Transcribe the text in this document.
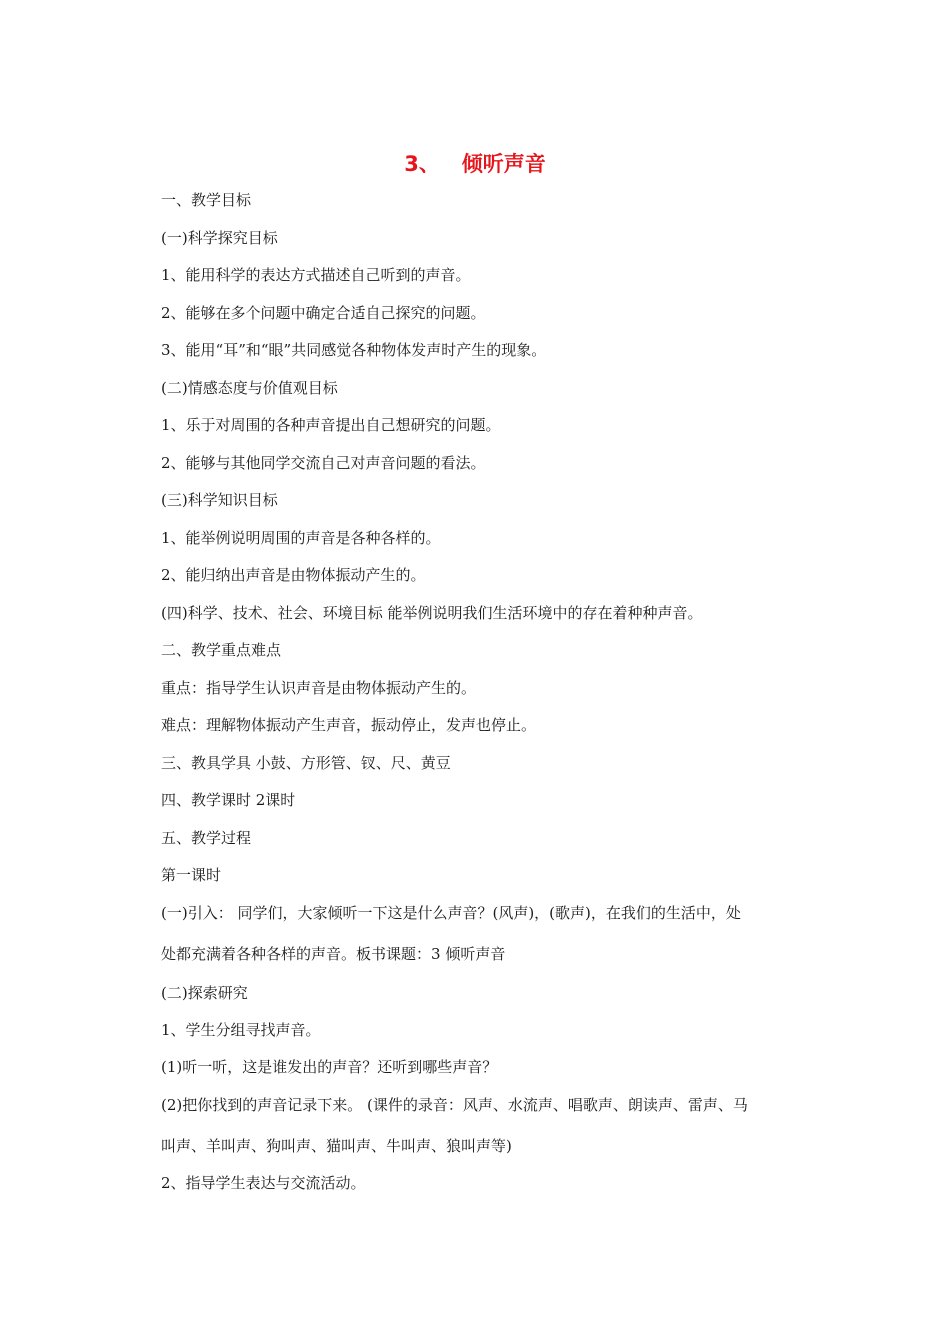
3、   倾听声音
一、教学目标
(一)科学探究目标
1、能用科学的表达方式描述自己听到的声音。
2、能够在多个问题中确定合适自己探究的问题。
3、能用“耳”和“眼”共同感觉各种物体发声时产生的现象。
(二)情感态度与价值观目标
1、乐于对周围的各种声音提出自己想研究的问题。
2、能够与其他同学交流自己对声音问题的看法。
(三)科学知识目标
1、能举例说明周围的声音是各种各样的。
2、能归纳出声音是由物体振动产生的。
(四)科学、技术、社会、环境目标 能举例说明我们生活环境中的存在着种种声音。
二、教学重点难点
重点：指导学生认识声音是由物体振动产生的。
难点：理解物体振动产生声音，振动停止，发声也停止。
三、教具学具 小鼓、方形管、钗、尺、黄豆
四、教学课时 2课时
五、教学过程
第一课时
(一)引入： 同学们，大家倾听一下这是什么声音？(风声)，(歌声)，在我们的生活中，处
处都充满着各种各样的声音。板书课题：3 倾听声音
(二)探索研究
1、学生分组寻找声音。
(1)听一听，这是谁发出的声音？还听到哪些声音？
(2)把你找到的声音记录下来。 (课件的录音：风声、水流声、唱歌声、朗读声、雷声、马
叫声、羊叫声、狗叫声、猫叫声、牛叫声、狼叫声等)
2、指导学生表达与交流活动。
